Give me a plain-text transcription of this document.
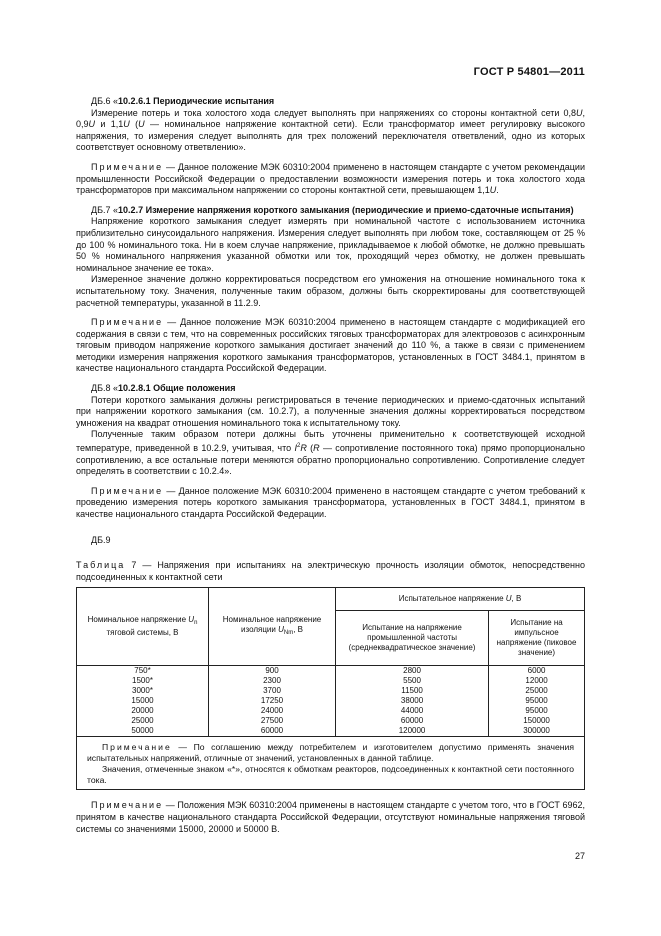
ГОСТ Р 54801—2011

ДБ.6 «10.2.6.1 Периодические испытания

Измерение потерь и тока холостого хода следует выполнять при напряжениях со стороны контактной сети 0,8U, 0,9U и 1,1U (U — номинальное напряжение контактной сети). Если трансформатор имеет регулировку высокого напряжения, то измерения следует выполнять для трех положений переключателя ответвлений, одно из которых соответствует основному ответвлению».

Примечание — Данное положение МЭК 60310:2004 применено в настоящем стандарте с учетом рекомендации промышленности Российской Федерации о предоставлении возможности измерения потерь и тока холостого хода трансформаторов при максимальном напряжении со стороны контактной сети, превышающем 1,1U.

ДБ.7 «10.2.7 Измерение напряжения короткого замыкания (периодические и приемо-сдаточные испытания)

Напряжение короткого замыкания следует измерять при номинальной частоте с использованием источника приблизительно синусоидального напряжения. Измерения следует выполнять при любом токе, составляющем от 25 % до 100 % номинального тока. Ни в коем случае напряжение, прикладываемое к любой обмотке, не должно превышать 50 % номинального напряжения указанной обмотки или ток, проходящий через обмотку, не должен превышать номинальное значение ее тока».

Измеренное значение должно корректироваться посредством его умножения на отношение номинального тока к испытательному току. Значения, полученные таким образом, должны быть скорректированы для соответствующей расчетной температуры, указанной в 11.2.9.

Примечание — Данное положение МЭК 60310:2004 применено в настоящем стандарте с модификацией его содержания в связи с тем, что на современных российских тяговых трансформаторах для электровозов с асинхронным тяговым приводом напряжение короткого замыкания достигает значений до 110 %, а также в связи с применением методики измерения напряжения короткого замыкания трансформаторов, установленных в ГОСТ 3484.1, принятом в качестве национального стандарта Российской Федерации.

ДБ.8 «10.2.8.1 Общие положения

Потери короткого замыкания должны регистрироваться в течение периодических и приемо-сдаточных испытаний при напряжении короткого замыкания (см. 10.2.7), а полученные значения должны корректироваться посредством умножения на квадрат отношения номинального тока к испытательному току.

Полученные таким образом потери должны быть уточнены применительно к соответствующей исходной температуре, приведенной в 10.2.9, учитывая, что $I^2R$ (R — сопротивление постоянного тока) прямо пропорционально сопротивлению, а все остальные потери меняются обратно пропорционально сопротивлению. Сопротивление следует определять в соответствии с 10.2.4».

Примечание — Данное положение МЭК 60310:2004 применено в настоящем стандарте с учетом требований к проведению измерения потерь короткого замыкания трансформатора, установленных в ГОСТ 3484.1, принятом в качестве национального стандарта Российской Федерации.

ДБ.9

Таблица 7 — Напряжения при испытаниях на электрическую прочность изоляции обмоток, непосредственно подсоединенных к контактной сети

Номинальное напряжение $U_n$ тяговой системы, В	Номинальное напряжение изоляции $U_{Nm}$, В	Испытательное напряжение U, В	
		Испытание на напряжение промышленной частоты (среднеквадратическое значение)	Испытание на импульсное напряжение (пиковое значение)
750*	900	2800	6000
1500*	2300	5500	12000
3000*	3700	11500	25000
15000	17250	38000	95000
20000	24000	44000	95000
25000	27500	60000	150000
50000	60000	120000	300000

Примечание — По соглашению между потребителем и изготовителем допустимо применять значения испытательных напряжений, отличные от значений, установленных в данной таблице.

Значения, отмеченные знаком «*», относятся к обмоткам реакторов, подсоединенных к контактной сети постоянного тока.			

Примечание — Положения МЭК 60310:2004 применены в настоящем стандарте с учетом того, что в ГОСТ 6962, принятом в качестве национального стандарта Российской Федерации, отсутствуют номинальные напряжения тяговой системы со значениями 15000, 20000 и 50000 В.

27
